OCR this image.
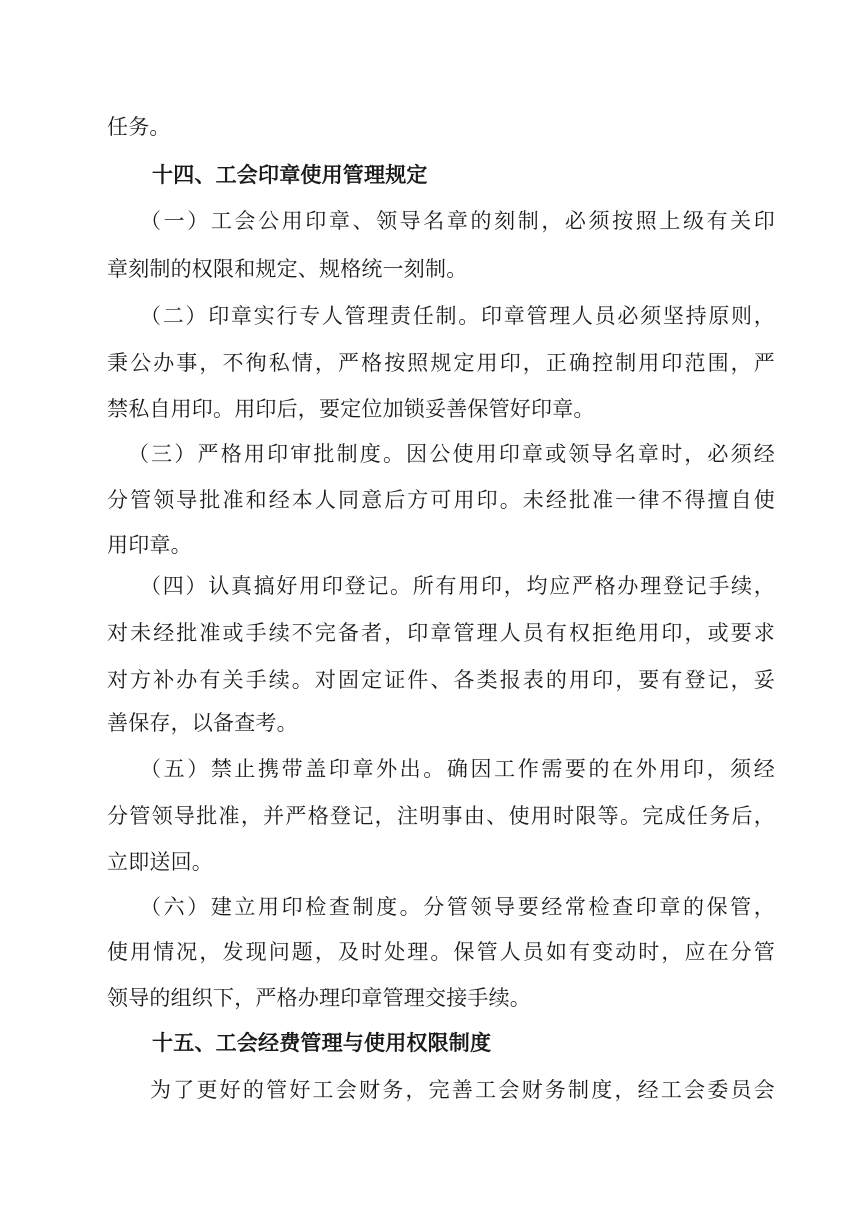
任务。
十四、工会印章使用管理规定
（一）工会公用印章、领导名章的刻制，必须按照上级有关印
章刻制的权限和规定、规格统一刻制。
（二）印章实行专人管理责任制。印章管理人员必须坚持原则，
秉公办事，不徇私情，严格按照规定用印，正确控制用印范围，严
禁私自用印。用印后，要定位加锁妥善保管好印章。
（三）严格用印审批制度。因公使用印章或领导名章时，必须经
分管领导批准和经本人同意后方可用印。未经批准一律不得擅自使
用印章。
（四）认真搞好用印登记。所有用印，均应严格办理登记手续，
对未经批准或手续不完备者，印章管理人员有权拒绝用印，或要求
对方补办有关手续。对固定证件、各类报表的用印，要有登记，妥
善保存，以备查考。
（五）禁止携带盖印章外出。确因工作需要的在外用印，须经
分管领导批准，并严格登记，注明事由、使用时限等。完成任务后，
立即送回。
（六）建立用印检查制度。分管领导要经常检查印章的保管，
使用情况，发现问题，及时处理。保管人员如有变动时，应在分管
领导的组织下，严格办理印章管理交接手续。
十五、工会经费管理与使用权限制度
为了更好的管好工会财务，完善工会财务制度，经工会委员会
